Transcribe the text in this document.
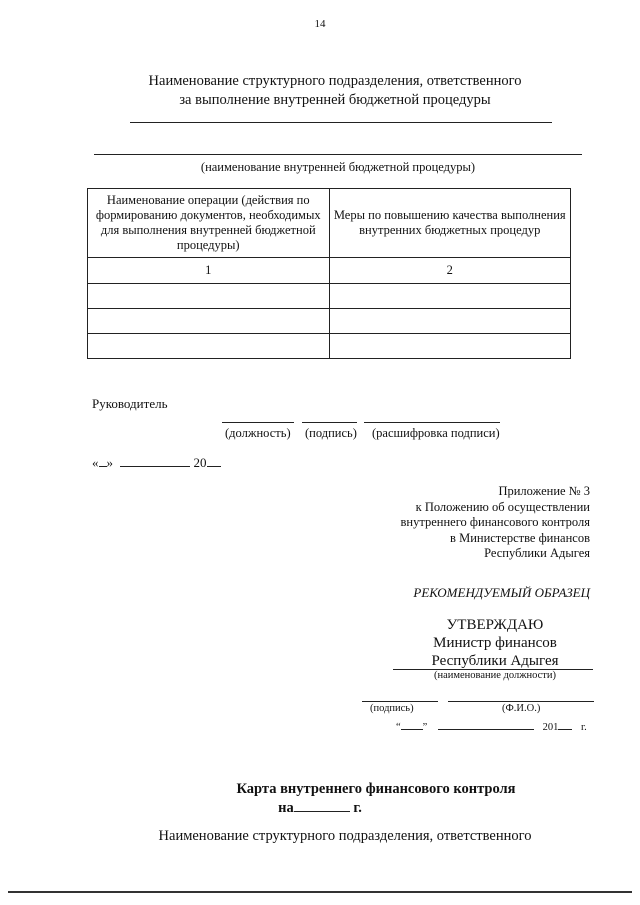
14
Наименование структурного подразделения, ответственного
за выполнение внутренней бюджетной процедуры
(наименование внутренней бюджетной процедуры)
Наименование операции (действия по формированию документов, необходимых для выполнения внутренней бюджетной процедуры)	Меры по повышению качества выполнения внутренних бюджетных процедур
1	2

Руководитель
(должность) (подпись) (расшифровка подписи)
« »	20
Приложение № 3
к Положению об осуществлении
внутреннего финансового контроля
в Министерстве финансов
Республики Адыгея
РЕКОМЕНДУЕМЫЙ ОБРАЗЕЦ
УТВЕРЖДАЮ
Министр финансов
Республики Адыгея
(наименование должности)
(подпись)	(Ф.И.О.)
“ ”	201 г.
Карта внутреннего финансового контроля
на	г.
Наименование структурного подразделения, ответственного
